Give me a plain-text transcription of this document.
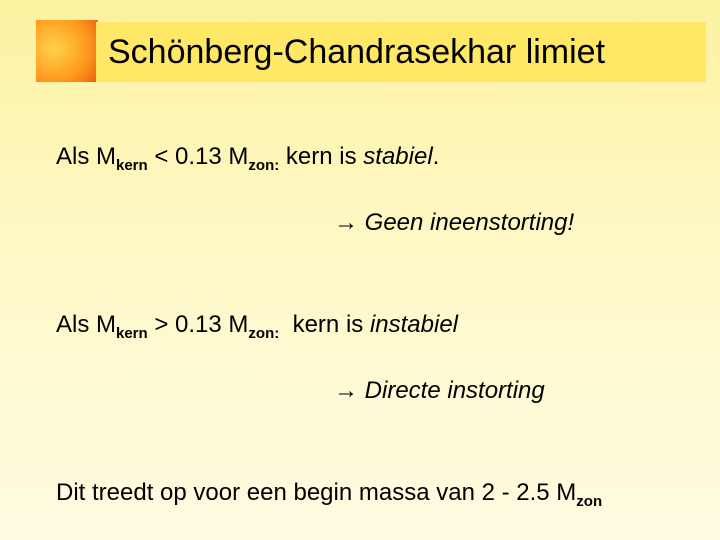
Schönberg-Chandrasekhar limiet
Als $M_{kern} < 0.13$ $M_{zon:}$ kern is stabiel.
→ Geen ineenstorting!
Als $M_{kern} > 0.13$ $M_{zon:}$  kern is instabiel
→ Directe instorting
Dit treedt op voor een begin massa van 2 - 2.5 $M_{zon}$
